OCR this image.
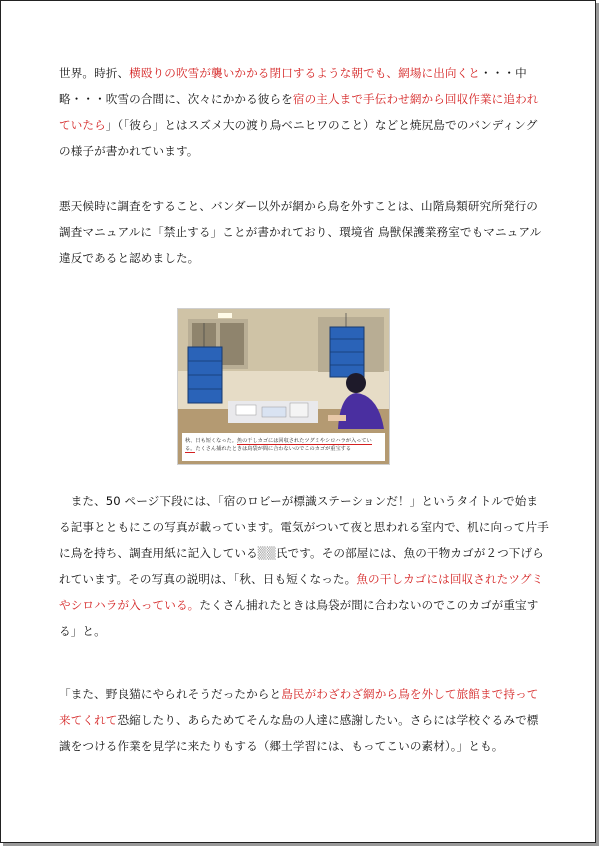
世界。時折、横殴りの吹雪が襲いかかる閉口するような朝でも、網場に出向くと・・・中略・・・吹雪の合間に、次々にかかる彼らを宿の主人まで手伝わせ網から回収作業に追われていたら」（「彼ら」とはスズメ大の渡り鳥ベニヒワのこと）などと焼尻島でのバンディングの様子が書かれています。

悪天候時に調査をすること、バンダー以外が網から鳥を外すことは、山階鳥類研究所発行の調査マニュアルに「禁止する」ことが書かれており、環境省 鳥獣保護業務室でもマニュアル違反であると認めました。

秋、日も短くなった。魚の干しカゴには回収されたツグミやシロハラが入っている。たくさん捕れたときは鳥袋が間に合わないのでこのカゴが重宝する

　また、50 ページ下段には、「宿のロビーが標識ステーションだ！」というタイトルで始まる記事とともにこの写真が載っています。電気がついて夜と思われる室内で、机に向って片手に鳥を持ち、調査用紙に記入している▒▒氏です。その部屋には、魚の干物カゴが２つ下げられています。その写真の説明は、「秋、日も短くなった。魚の干しカゴには回収されたツグミやシロハラが入っている。たくさん捕れたときは鳥袋が間に合わないのでこのカゴが重宝する」と。

「また、野良猫にやられそうだったからと島民がわざわざ網から鳥を外して旅館まで持って来てくれて恐縮したり、あらためてそんな島の人達に感謝したい。さらには学校ぐるみで標識をつける作業を見学に来たりもする（郷土学習には、もってこいの素材）。」とも。
